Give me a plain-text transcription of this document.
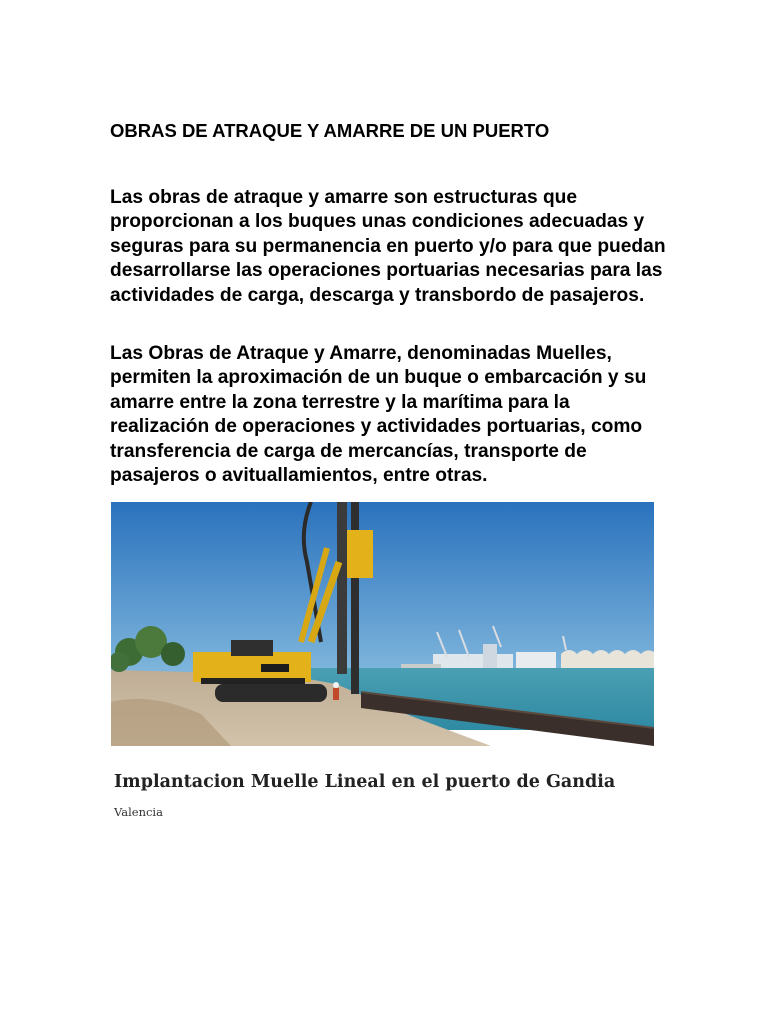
OBRAS DE ATRAQUE Y AMARRE DE UN PUERTO

Las obras de atraque y amarre son estructuras que proporcionan a los buques unas condiciones adecuadas y seguras para su permanencia en puerto y/o para que puedan desarrollarse las operaciones portuarias necesarias para las actividades de carga, descarga y transbordo de pasajeros.

Las Obras de Atraque y Amarre, denominadas Muelles, permiten la aproximación de un buque o embarcación y su amarre entre la zona terrestre y la marítima para la realización de operaciones y actividades portuarias, como transferencia de carga de mercancías, transporte de pasajeros o avituallamientos, entre otras.

Implantacion Muelle Lineal en el puerto de Gandia
Valencia
